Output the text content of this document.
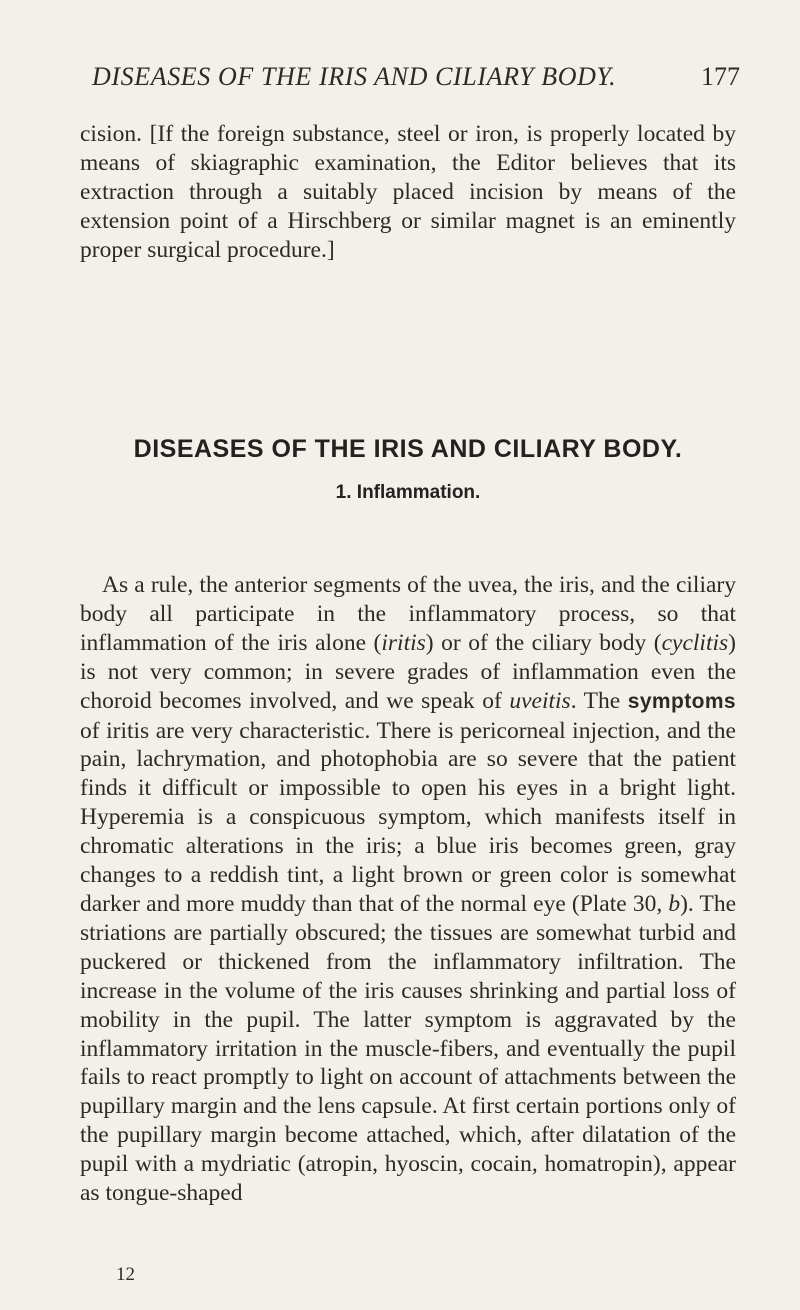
DISEASES OF THE IRIS AND CILIARY BODY.	177

cision. [If the foreign substance, steel or iron, is properly located by means of skiagraphic examination, the Editor believes that its extraction through a suitably placed incision by means of the extension point of a Hirschberg or similar magnet is an eminently proper surgical procedure.]

DISEASES OF THE IRIS AND CILIARY BODY.
1. Inflammation.

As a rule, the anterior segments of the uvea, the iris, and the ciliary body all participate in the inflammatory process, so that inflammation of the iris alone (iritis) or of the ciliary body (cyclitis) is not very common; in severe grades of inflammation even the choroid becomes involved, and we speak of uveitis. The symptoms of iritis are very characteristic. There is pericorneal injection, and the pain, lachrymation, and photophobia are so severe that the patient finds it difficult or impossible to open his eyes in a bright light. Hyperemia is a conspicuous symptom, which manifests itself in chromatic alterations in the iris; a blue iris becomes green, gray changes to a reddish tint, a light brown or green color is somewhat darker and more muddy than that of the normal eye (Plate 30, b). The striations are partially obscured; the tissues are somewhat turbid and puckered or thickened from the inflammatory infiltration. The increase in the volume of the iris causes shrinking and partial loss of mobility in the pupil. The latter symptom is aggravated by the inflammatory irritation in the muscle-fibers, and eventually the pupil fails to react promptly to light on account of attachments between the pupillary margin and the lens capsule. At first certain portions only of the pupillary margin become attached, which, after dilatation of the pupil with a mydriatic (atropin, hyoscin, cocain, homatropin), appear as tongue-shaped

12
